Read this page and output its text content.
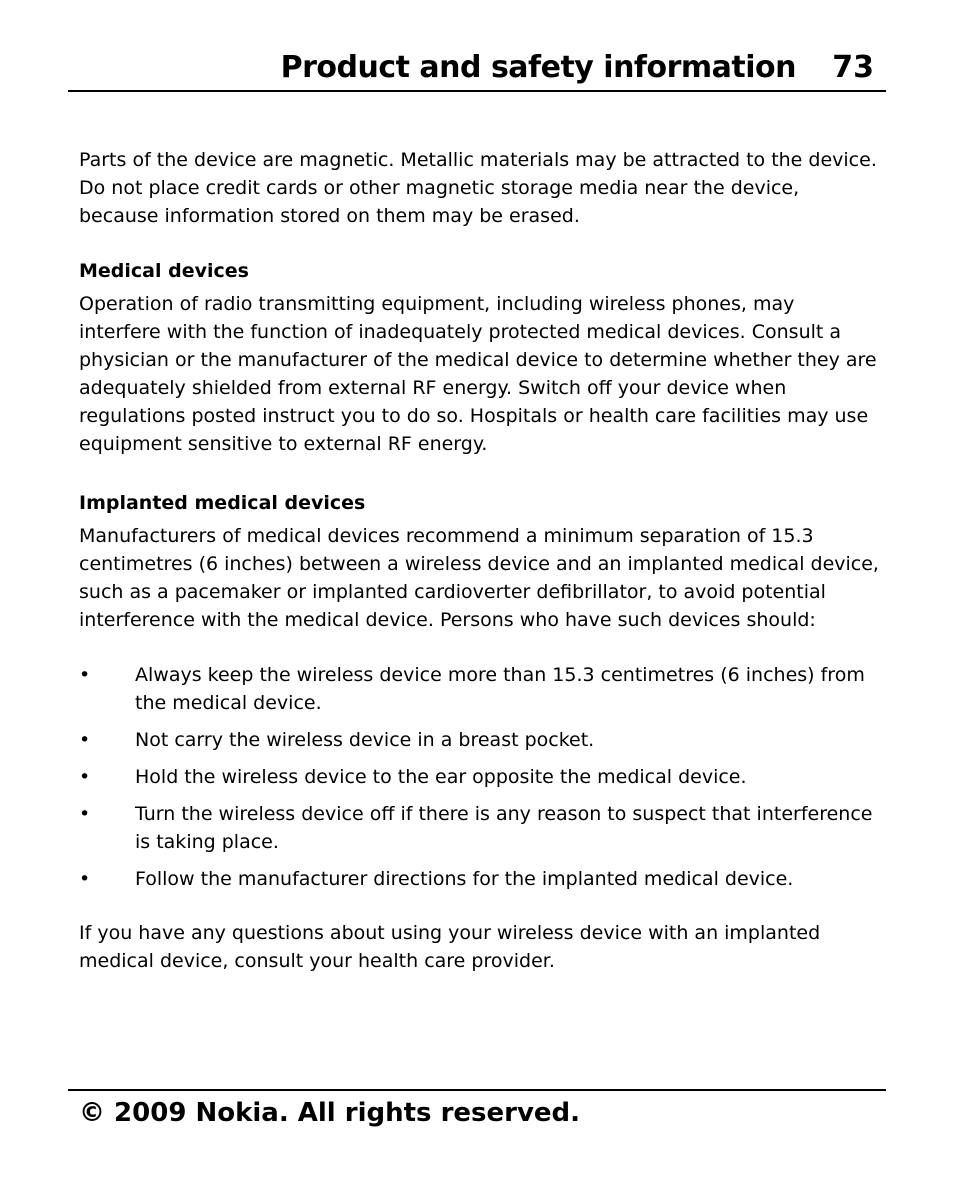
Product and safety information 73

Parts of the device are magnetic. Metallic materials may be attracted to the device. Do not place credit cards or other magnetic storage media near the device, because information stored on them may be erased.

Medical devices

Operation of radio transmitting equipment, including wireless phones, may interfere with the function of inadequately protected medical devices. Consult a physician or the manufacturer of the medical device to determine whether they are adequately shielded from external RF energy. Switch off your device when regulations posted instruct you to do so. Hospitals or health care facilities may use equipment sensitive to external RF energy.

Implanted medical devices

Manufacturers of medical devices recommend a minimum separation of 15.3 centimetres (6 inches) between a wireless device and an implanted medical device, such as a pacemaker or implanted cardioverter defibrillator, to avoid potential interference with the medical device. Persons who have such devices should:

• Always keep the wireless device more than 15.3 centimetres (6 inches) from the medical device.
• Not carry the wireless device in a breast pocket.
• Hold the wireless device to the ear opposite the medical device.
• Turn the wireless device off if there is any reason to suspect that interference is taking place.
• Follow the manufacturer directions for the implanted medical device.

If you have any questions about using your wireless device with an implanted medical device, consult your health care provider.

© 2009 Nokia. All rights reserved.
